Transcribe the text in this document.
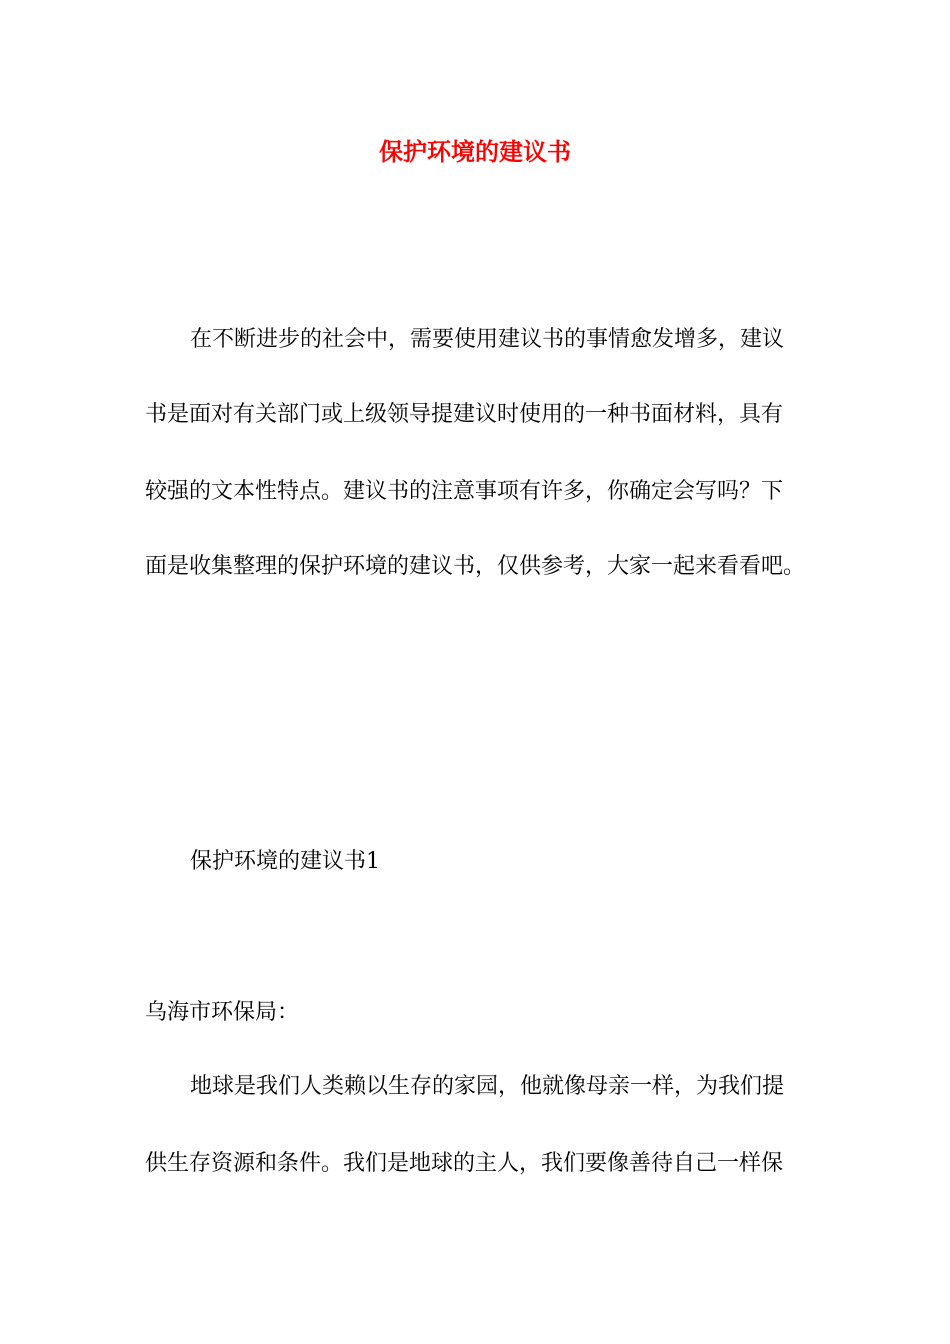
保护环境的建议书

在不断进步的社会中，需要使用建议书的事情愈发增多，建议

书是面对有关部门或上级领导提建议时使用的一种书面材料，具有

较强的文本性特点。建议书的注意事项有许多，你确定会写吗？下

面是收集整理的保护环境的建议书，仅供参考，大家一起来看看吧。

保护环境的建议书1

乌海市环保局：

地球是我们人类赖以生存的家园，他就像母亲一样，为我们提

供生存资源和条件。我们是地球的主人，我们要像善待自己一样保
